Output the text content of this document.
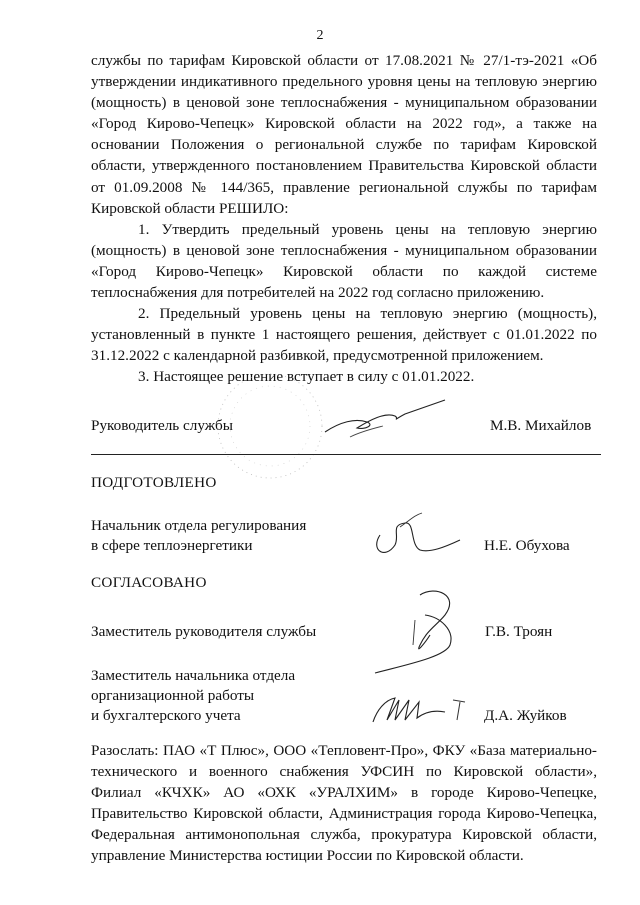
2

службы по тарифам Кировской области от 17.08.2021 № 27/1-тэ-2021 «Об

утверждении индикативного предельного уровня цены на тепловую энергию

(мощность) в ценовой зоне теплоснабжения - муниципальном образовании

«Город Кирово-Чепецк» Кировской области на 2022 год», а также на

основании Положения о региональной службе по тарифам Кировской

области, утвержденного постановлением Правительства Кировской области

от 01.09.2008 № 144/365, правление региональной службы по тарифам

Кировской области РЕШИЛО:

1. Утвердить предельный уровень цены на тепловую энергию

(мощность) в ценовой зоне теплоснабжения - муниципальном образовании

«Город Кирово-Чепецк» Кировской области по каждой системе

теплоснабжения для потребителей на 2022 год согласно приложению.

2. Предельный уровень цены на тепловую энергию (мощность),

установленный в пункте 1 настоящего решения, действует с 01.01.2022 по

31.12.2022 с календарной разбивкой, предусмотренной приложением.

3. Настоящее решение вступает в силу с 01.01.2022.

Руководитель службы	М.В. Михайлов
ПОДГОТОВЛЕНО
Начальник отдела регулирования
в сфере теплоэнергетики	Н.Е. Обухова
СОГЛАСОВАНО
Заместитель руководителя службы	Г.В. Троян
Заместитель начальника отдела
организационной работы
и бухгалтерского учета	Д.А. Жуйков

Разослать: ПАО «Т Плюс», ООО «Тепловент-Про», ФКУ «База материально-

технического и военного снабжения УФСИН по Кировской области»,

Филиал «КЧХК» АО «ОХК «УРАЛХИМ» в городе Кирово-Чепецке,

Правительство Кировской области, Администрация города Кирово-Чепецка,

Федеральная антимонопольная служба, прокуратура Кировской области,

управление Министерства юстиции России по Кировской области.
